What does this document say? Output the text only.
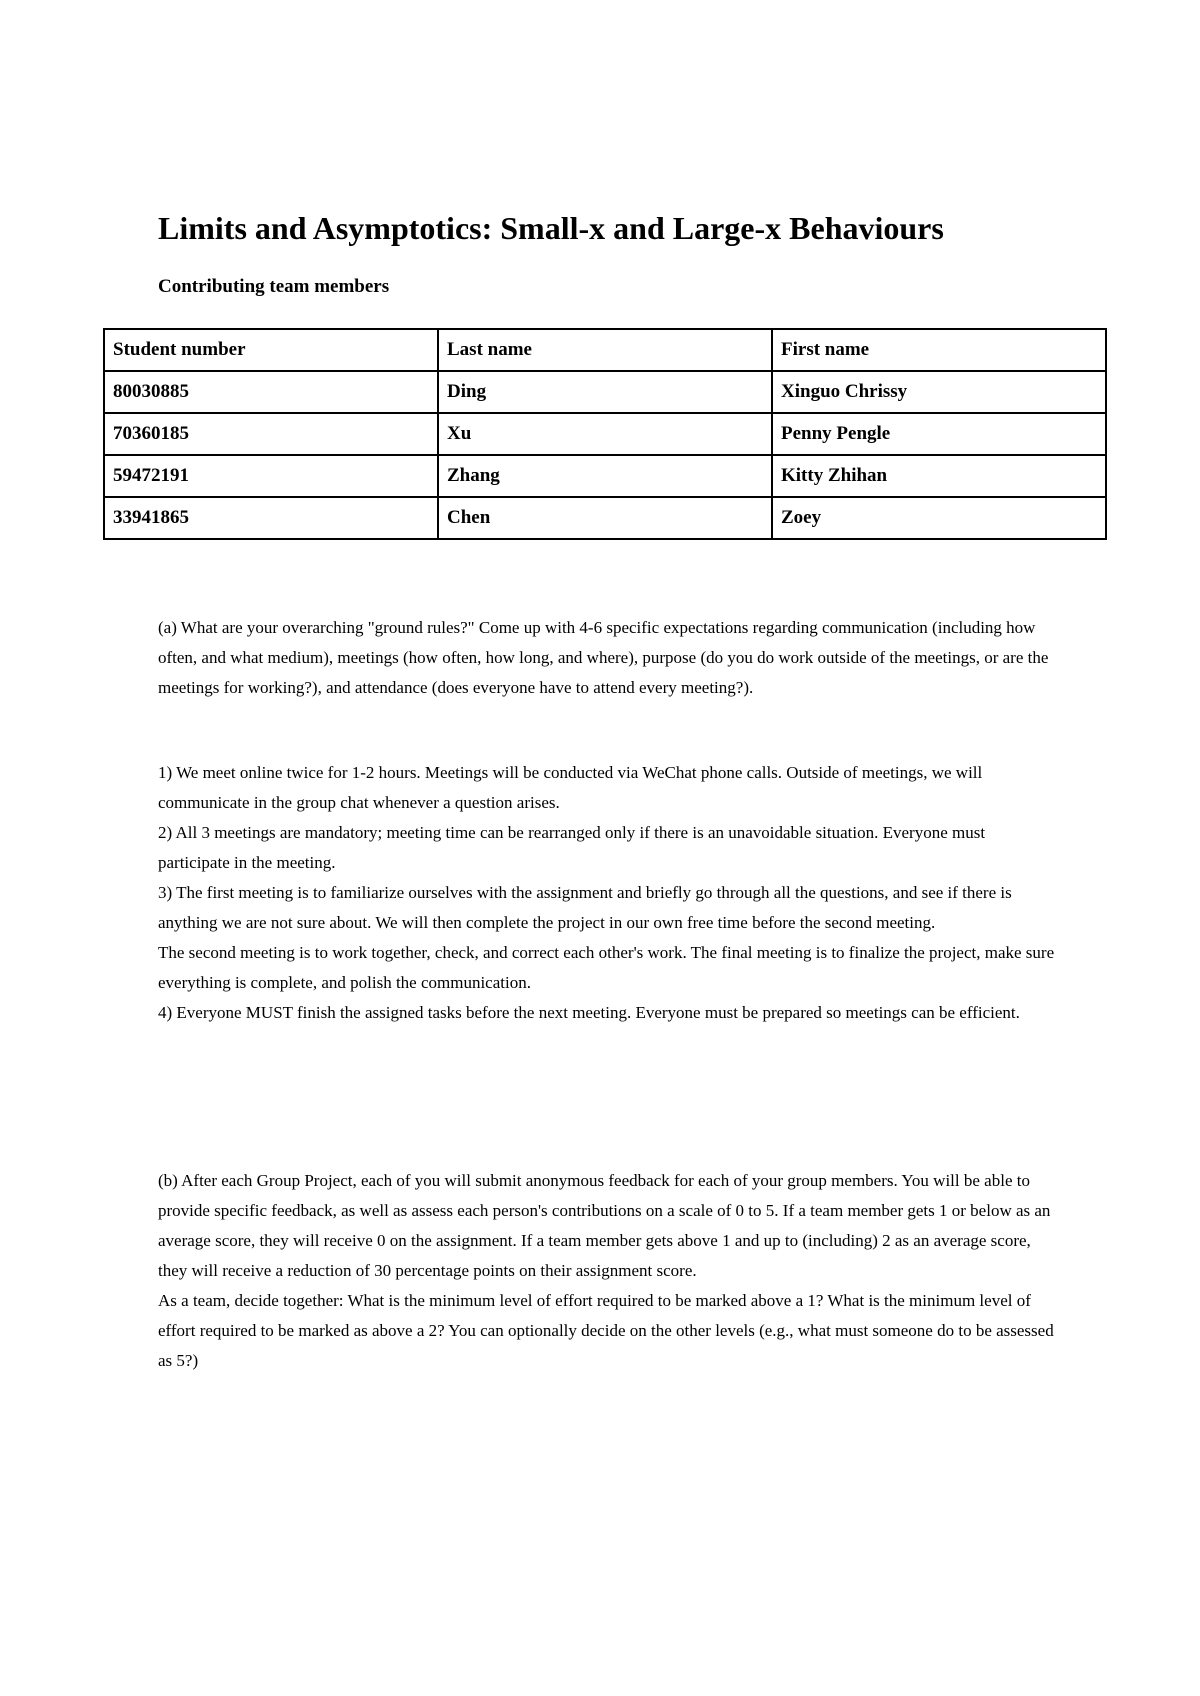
Limits and Asymptotics: Small-x and Large-x Behaviours

Contributing team members

Student number	Last name	First name
80030885	Ding	Xinguo Chrissy
70360185	Xu	Penny Pengle
59472191	Zhang	Kitty Zhihan
33941865	Chen	Zoey

(a) What are your overarching "ground rules?" Come up with 4-6 specific expectations regarding communication (including how often, and what medium), meetings (how often, how long, and where), purpose (do you do work outside of the meetings, or are the meetings for working?), and attendance (does everyone have to attend every meeting?).

1) We meet online twice for 1-2 hours. Meetings will be conducted via WeChat phone calls. Outside of meetings, we will communicate in the group chat whenever a question arises.

2) All 3 meetings are mandatory; meeting time can be rearranged only if there is an unavoidable situation. Everyone must participate in the meeting.

3) The first meeting is to familiarize ourselves with the assignment and briefly go through all the questions, and see if there is anything we are not sure about. We will then complete the project in our own free time before the second meeting.

The second meeting is to work together, check, and correct each other's work. The final meeting is to finalize the project, make sure everything is complete, and polish the communication.

4) Everyone MUST finish the assigned tasks before the next meeting. Everyone must be prepared so meetings can be efficient.

(b) After each Group Project, each of you will submit anonymous feedback for each of your group members. You will be able to provide specific feedback, as well as assess each person's contributions on a scale of 0 to 5. If a team member gets 1 or below as an average score, they will receive 0 on the assignment. If a team member gets above 1 and up to (including) 2 as an average score, they will receive a reduction of 30 percentage points on their assignment score.

As a team, decide together: What is the minimum level of effort required to be marked above a 1? What is the minimum level of effort required to be marked as above a 2? You can optionally decide on the other levels (e.g., what must someone do to be assessed as 5?)
